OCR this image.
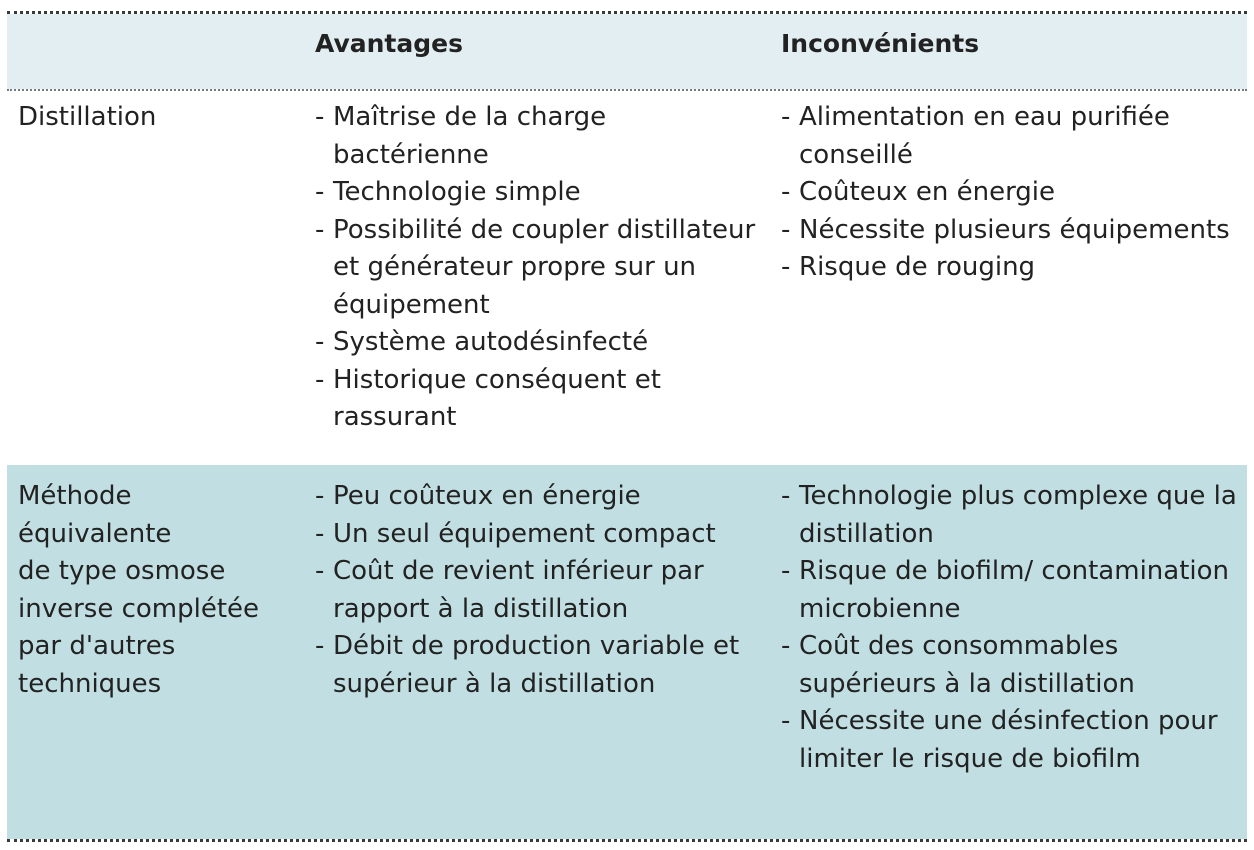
Avantages	Inconvénients
Distillation	- Maîtrise de la charge bactérienne
- Technologie simple
- Possibilité de coupler distillateur et générateur propre sur un équipement
- Système autodésinfecté
- Historique conséquent et rassurant
- Alimentation en eau purifiée conseillé
- Coûteux en énergie
- Nécessite plusieurs équipements
- Risque de rouging
Méthode
équivalente
de type osmose
inverse complétée
par d'autres
techniques
- Peu coûteux en énergie
- Un seul équipement compact
- Coût de revient inférieur par rapport à la distillation
- Débit de production variable et supérieur à la distillation
- Technologie plus complexe que la distillation
- Risque de biofilm/ contamination microbienne
- Coût des consommables supérieurs à la distillation
- Nécessite une désinfection pour limiter le risque de biofilm
